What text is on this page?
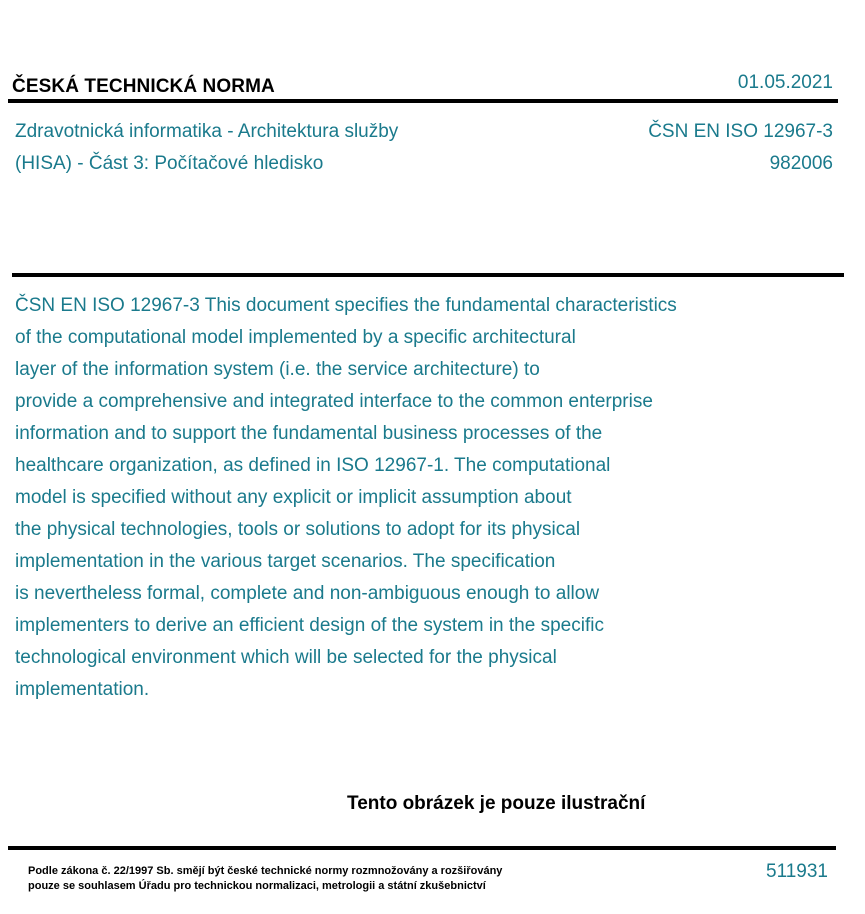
ČESKÁ TECHNICKÁ NORMA	01.05.2021
Zdravotnická informatika - Architektura služby
(HISA) - Část 3: Počítačové hledisko
ČSN EN ISO 12967-3
982006
ČSN EN ISO 12967-3 This document specifies the fundamental characteristics
of the computational model implemented by a specific architectural
layer of the information system (i.e. the service architecture) to
provide a comprehensive and integrated interface to the common enterprise
information and to support the fundamental business processes of the
healthcare organization, as defined in ISO 12967-1. The computational
model is specified without any explicit or implicit assumption about
the physical technologies, tools or solutions to adopt for its physical
implementation in the various target scenarios. The specification
is nevertheless formal, complete and non-ambiguous enough to allow
implementers to derive an efficient design of the system in the specific
technological environment which will be selected for the physical
implementation.
Tento obrázek je pouze ilustrační
Podle zákona č. 22/1997 Sb. smějí být české technické normy rozmnožovány a rozšiřovány
pouze se souhlasem Úřadu pro technickou normalizaci, metrologii a státní zkušebnictví
511931
